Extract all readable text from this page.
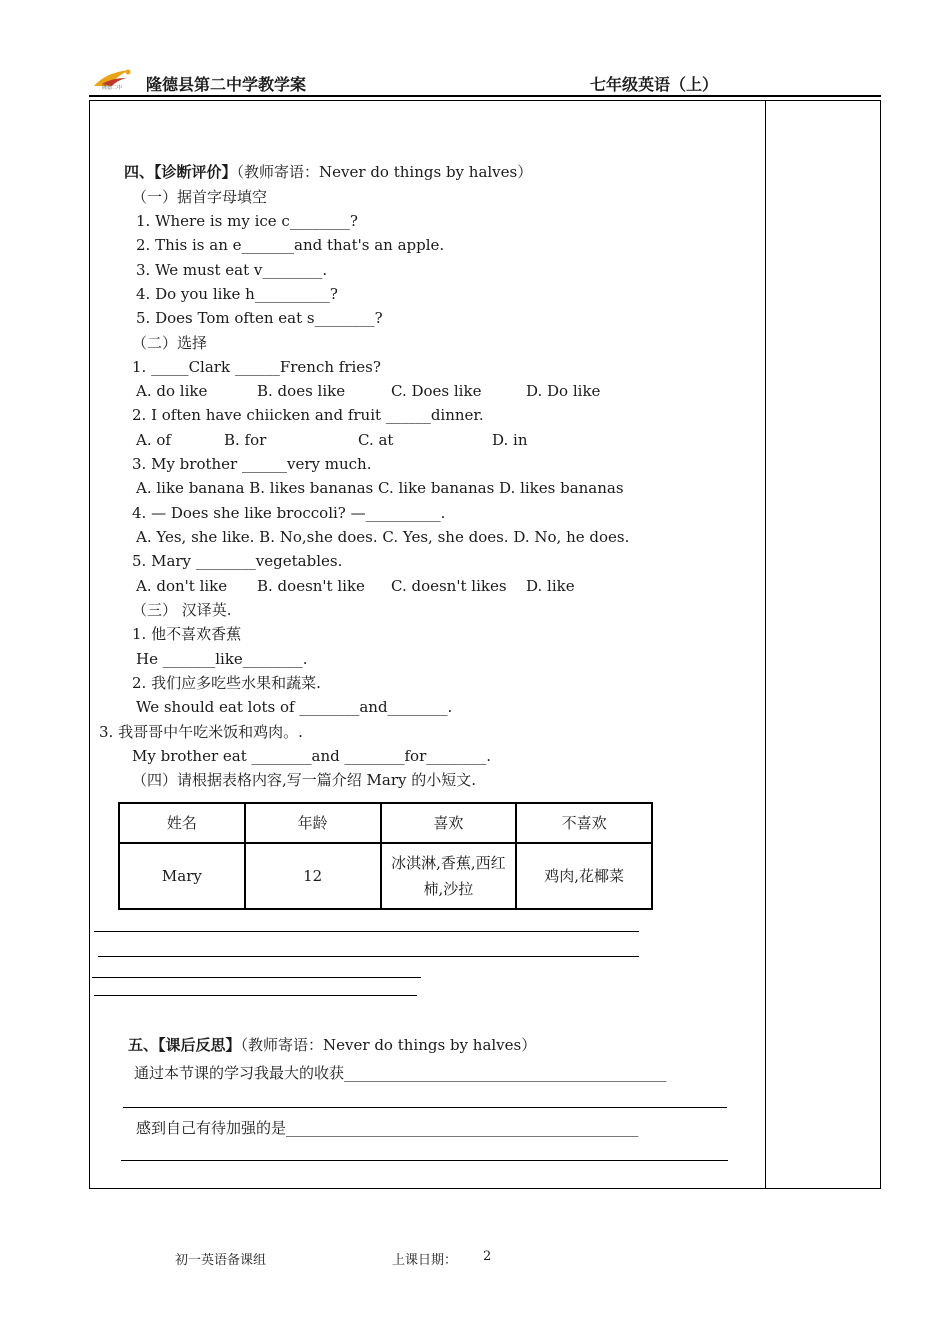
隆德二中 隆德县第二中学教学案	七年级英语（上）
四、【诊断评价】（教师寄语：Never do things by halves）
（一）据首字母填空
1. Where is my ice c________?
2. This is an e_______and that's an apple.
3. We must eat v________.
4. Do you like h__________?
5. Does Tom often eat s________?
（二）选择
1. _____Clark ______French fries?
A. do like	B. does like	C. Does like	D. Do like
2. I often have chiicken and fruit ______dinner.
A. of	B. for	C. at	D. in
3. My brother ______very much.
A. like banana B. likes bananas C. like bananas D. likes bananas
4. — Does she like broccoli? —__________.
A. Yes, she like. B. No,she does. C. Yes, she does. D. No, he does.
5. Mary ________vegetables.
A. don't like B. doesn't like C. doesn't likes D. like
（三） 汉译英.
1. 他不喜欢香蕉
He _______like________.
2. 我们应多吃些水果和蔬菜.
We should eat lots of ________and________.
3. 我哥哥中午吃米饭和鸡肉。.
My brother eat ________and ________for________.
（四）请根据表格内容,写一篇介绍 Mary 的小短文.
姓名	年龄	喜欢	不喜欢
Mary	12	冰淇淋,香蕉,西红柿,沙拉	鸡肉,花椰菜
五、【课后反思】（教师寄语：Never do things by halves）
通过本节课的学习我最大的收获___________________________________________
感到自己有待加强的是_______________________________________________
初一英语备课组	上课日期： 2
